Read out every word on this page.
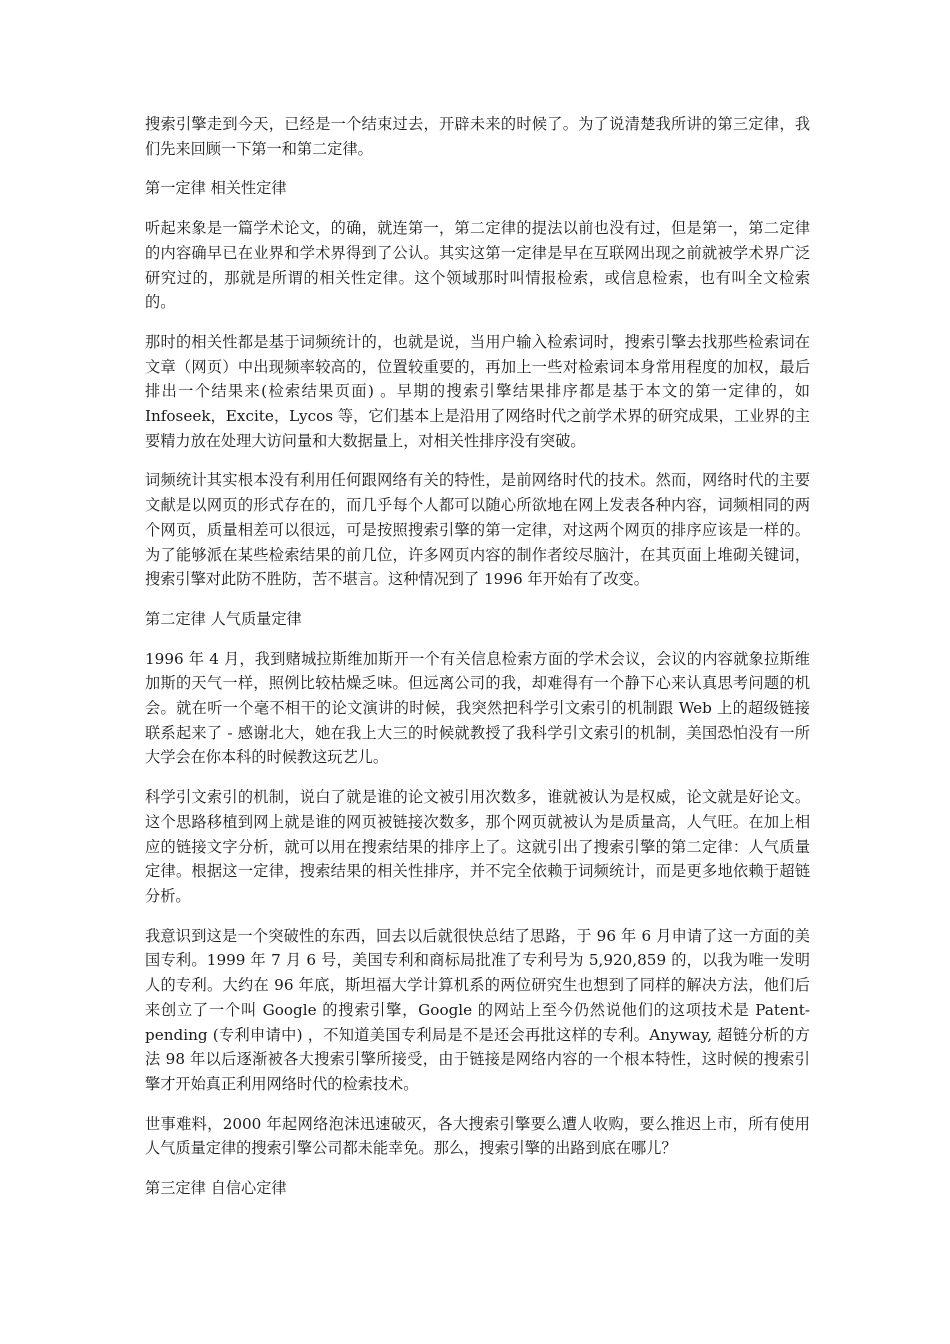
搜索引擎走到今天，已经是一个结束过去，开辟未来的时候了。为了说清楚我所讲的第三定律，我们先来回顾一下第一和第二定律。

第一定律 相关性定律

听起来象是一篇学术论文，的确，就连第一，第二定律的提法以前也没有过，但是第一，第二定律的内容确早已在业界和学术界得到了公认。其实这第一定律是早在互联网出现之前就被学术界广泛研究过的，那就是所谓的相关性定律。这个领域那时叫情报检索，或信息检索，也有叫全文检索的。

那时的相关性都是基于词频统计的，也就是说，当用户输入检索词时，搜索引擎去找那些检索词在文章（网页）中出现频率较高的，位置较重要的，再加上一些对检索词本身常用程度的加权，最后排出一个结果来(检索结果页面) 。早期的搜索引擎结果排序都是基于本文的第一定律的，如 Infoseek，Excite，Lycos 等，它们基本上是沿用了网络时代之前学术界的研究成果，工业界的主要精力放在处理大访问量和大数据量上，对相关性排序没有突破。

词频统计其实根本没有利用任何跟网络有关的特性，是前网络时代的技术。然而，网络时代的主要文献是以网页的形式存在的，而几乎每个人都可以随心所欲地在网上发表各种内容，词频相同的两个网页，质量相差可以很远，可是按照搜索引擎的第一定律，对这两个网页的排序应该是一样的。为了能够派在某些检索结果的前几位，许多网页内容的制作者绞尽脑汁，在其页面上堆砌关键词，搜索引擎对此防不胜防，苦不堪言。这种情况到了 1996 年开始有了改变。

第二定律 人气质量定律

1996 年 4 月，我到赌城拉斯维加斯开一个有关信息检索方面的学术会议，会议的内容就象拉斯维加斯的天气一样，照例比较枯燥乏味。但远离公司的我，却难得有一个静下心来认真思考问题的机会。就在听一个毫不相干的论文演讲的时候，我突然把科学引文索引的机制跟 Web 上的超级链接联系起来了 - 感谢北大，她在我上大三的时候就教授了我科学引文索引的机制，美国恐怕没有一所大学会在你本科的时候教这玩艺儿。

科学引文索引的机制，说白了就是谁的论文被引用次数多，谁就被认为是权威，论文就是好论文。这个思路移植到网上就是谁的网页被链接次数多，那个网页就被认为是质量高，人气旺。在加上相应的链接文字分析，就可以用在搜索结果的排序上了。这就引出了搜索引擎的第二定律：人气质量定律。根据这一定律，搜索结果的相关性排序，并不完全依赖于词频统计，而是更多地依赖于超链分析。

我意识到这是一个突破性的东西，回去以后就很快总结了思路，于 96 年 6 月申请了这一方面的美国专利。1999 年 7 月 6 号，美国专利和商标局批准了专利号为 5,920,859 的，以我为唯一发明人的专利。大约在 96 年底，斯坦福大学计算机系的两位研究生也想到了同样的解决方法，他们后来创立了一个叫 Google 的搜索引擎，Google 的网站上至今仍然说他们的这项技术是 Patent-pending (专利申请中) ，不知道美国专利局是不是还会再批这样的专利。Anyway, 超链分析的方法 98 年以后逐渐被各大搜索引擎所接受，由于链接是网络内容的一个根本特性，这时候的搜索引擎才开始真正利用网络时代的检索技术。

世事难料，2000 年起网络泡沫迅速破灭，各大搜索引擎要么遭人收购，要么推迟上市，所有使用人气质量定律的搜索引擎公司都未能幸免。那么，搜索引擎的出路到底在哪儿？

第三定律 自信心定律
